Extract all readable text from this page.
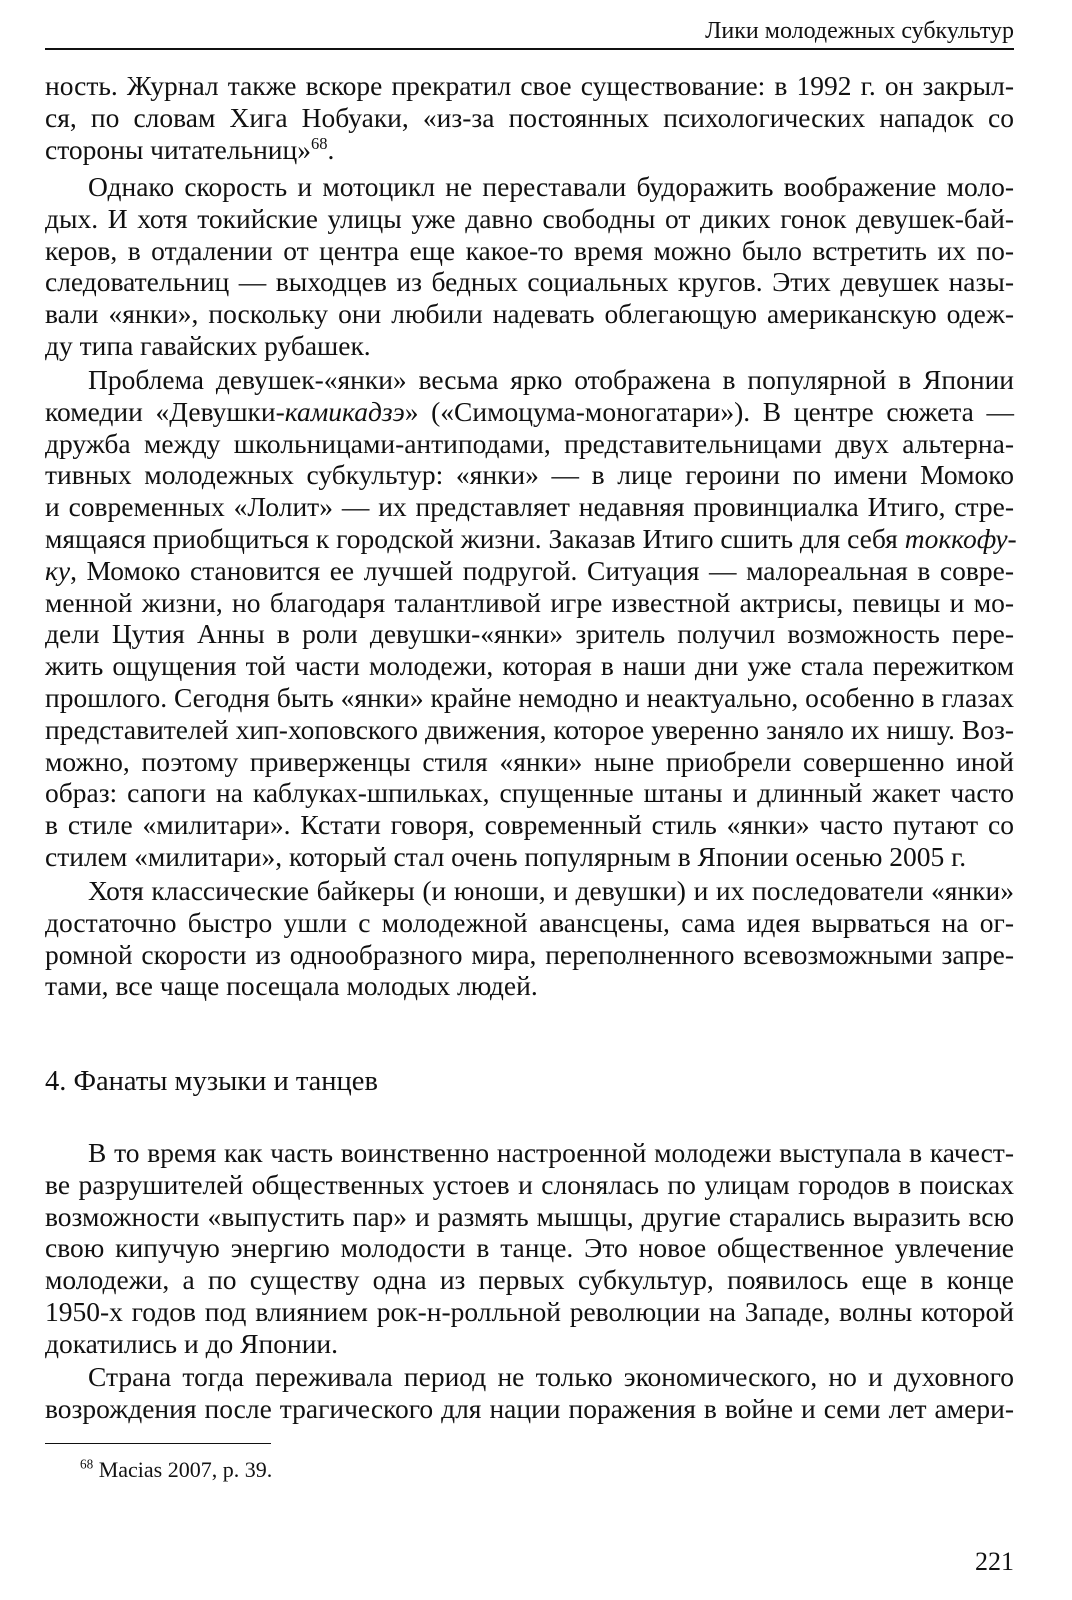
Лики молодежных субкультур
ность. Журнал также вскоре прекратил свое существование: в 1992 г. он закрыл-
ся, по словам Хига Нобуаки, «из-за постоянных психологических нападок со
стороны читательниц»$^{68}$.
Однако скорость и мотоцикл не переставали будоражить воображение моло-
дых. И хотя токийские улицы уже давно свободны от диких гонок девушек-бай-
керов, в отдалении от центра еще какое-то время можно было встретить их по-
следовательниц — выходцев из бедных социальных кругов. Этих девушек назы-
вали «янки», поскольку они любили надевать облегающую американскую одеж-
ду типа гавайских рубашек.
Проблема девушек-«янки» весьма ярко отображена в популярной в Японии
комедии «Девушки-камикадзэ» («Симоцума-моногатари»). В центре сюжета —
дружба между школьницами-антиподами, представительницами двух альтерна-
тивных молодежных субкультур: «янки» — в лице героини по имени Момоко
и современных «Лолит» — их представляет недавняя провинциалка Итиго, стре-
мящаяся приобщиться к городской жизни. Заказав Итиго сшить для себя токкофу-
ку, Момоко становится ее лучшей подругой. Ситуация — малореальная в совре-
менной жизни, но благодаря талантливой игре известной актрисы, певицы и мо-
дели Цутия Анны в роли девушки-«янки» зритель получил возможность пере-
жить ощущения той части молодежи, которая в наши дни уже стала пережитком
прошлого. Сегодня быть «янки» крайне немодно и неактуально, особенно в глазах
представителей хип-хоповского движения, которое уверенно заняло их нишу. Воз-
можно, поэтому приверженцы стиля «янки» ныне приобрели совершенно иной
образ: сапоги на каблуках-шпильках, спущенные штаны и длинный жакет часто
в стиле «милитари». Кстати говоря, современный стиль «янки» часто путают со
стилем «милитари», который стал очень популярным в Японии осенью 2005 г.
Хотя классические байкеры (и юноши, и девушки) и их последователи «янки»
достаточно быстро ушли с молодежной авансцены, сама идея вырваться на ог-
ромной скорости из однообразного мира, переполненного всевозможными запре-
тами, все чаще посещала молодых людей.
4. Фанаты музыки и танцев
В то время как часть воинственно настроенной молодежи выступала в качест-
ве разрушителей общественных устоев и слонялась по улицам городов в поисках
возможности «выпустить пар» и размять мышцы, другие старались выразить всю
свою кипучую энергию молодости в танце. Это новое общественное увлечение
молодежи, а по существу одна из первых субкультур, появилось еще в конце
1950-х годов под влиянием рок-н-ролльной революции на Западе, волны которой
докатились и до Японии.
Страна тогда переживала период не только экономического, но и духовного
возрождения после трагического для нации поражения в войне и семи лет амери-
$^{68}$ Macias 2007, p. 39.
221
